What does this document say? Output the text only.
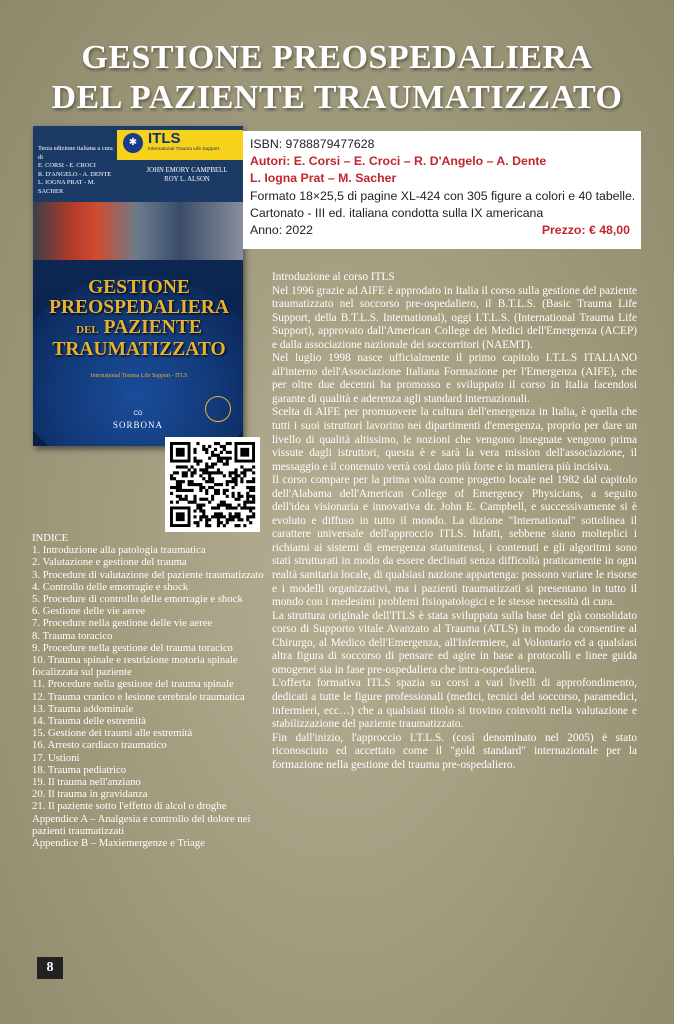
GESTIONE PREOSPEDALIERA
DEL PAZIENTE TRAUMATIZZATO
Terza edizione italiana a cura di
E. CORSI - E. CROCI
R. D'ANGELO - A. DENTE
L. IOGNA PRAT - M. SACHER
✱ ITLS
International Trauma Life Support
JOHN EMORY CAMPBELL
ROY L. ALSON
GESTIONE
PREOSPEDALIERA
DEL PAZIENTE
TRAUMATIZZATO
International Trauma Life Support - ITLS
CG
SORBONA
ISBN: 9788879477628
Autori: E. Corsi – E. Croci – R. D'Angelo – A. Dente
L. Iogna Prat – M. Sacher
Formato 18×25,5 di pagine XL-424 con 305 figure a colori e 40 tabelle.
Cartonato - III ed. italiana condotta sulla IX americana
Anno: 2022	Prezzo: € 48,00
INDICE
1. Introduzione alla patologia traumatica
2. Valutazione e gestione del trauma
3. Procedure di valutazione del paziente traumatizzato
4. Controllo delle emorragie e shock
5. Procedure di controllo delle emorragie e shock
6. Gestione delle vie aeree
7. Procedure nella gestione delle vie aeree
8. Trauma toracico
9. Procedure nella gestione del trauma toracico
10. Trauma spinale e restrizione motoria spinale focalizzata sul paziente
11. Procedure nella gestione del trauma spinale
12. Trauma cranico e lesione cerebrale traumatica
13. Trauma addominale
14. Trauma delle estremità
15. Gestione dei traumi alle estremità
16. Arresto cardiaco traumatico
17. Ustioni
18. Trauma pediatrico
19. Il trauma nell'anziano
20. Il trauma in gravidanza
21. Il paziente sotto l'effetto di alcol o droghe
Appendice A – Analgesia e controllo del dolore nei pazienti traumatizzati
Appendice B – Maxiemergenze e Triage

Introduzione al corso ITLS

Nel 1996 grazie ad AIFE è approdato in Italia il corso sulla gestione del paziente traumatizzato nel soccorso pre-ospedaliero, il B.T.L.S. (Basic Trauma Life Support, della B.T.L.S. International), oggi I.T.L.S. (International Trauma Life Support), approvato dall'American College dei Medici dell'Emergenza (ACEP) e dalla associazione nazionale dei soccorritori (NAEMT).

Nel luglio 1998 nasce ufficialmente il primo capitolo I.T.L.S ITALIANO all'interno dell'Associazione Italiana Formazione per l'Emergenza (AIFE), che per oltre due decenni ha promosso e sviluppato il corso in Italia facendosi garante di qualità e aderenza agli standard internazionali.

Scelta di AIFE per promuovere la cultura dell'emergenza in Italia, è quella che tutti i suoi istruttori lavorino nei dipartimenti d'emergenza, proprio per dare un livello di qualità altissimo, le nozioni che vengono insegnate vengono prima vissute dagli istruttori, questa è e sarà la vera mission dell'associazione, il messaggio e il contenuto verrà così dato più forte e in maniera più incisiva.

Il corso compare per la prima volta come progetto locale nel 1982 dal capitolo dell'Alabama dell'American College of Emergency Physicians, a seguito dell'idea visionaria e innovativa dr. John E. Campbell, e successivamente si è evoluto e diffuso in tutto il mondo. La dizione "International" sottolinea il carattere universale dell'approccio ITLS. Infatti, sebbene siano molteplici i richiami ai sistemi di emergenza statunitensi, i contenuti e gli algoritmi sono stati strutturati in modo da essere declinati senza difficoltà praticamente in ogni realtà sanitaria locale, di qualsiasi nazione appartenga: possono variare le risorse e i modelli organizzativi, ma i pazienti traumatizzati si presentano in tutto il mondo con i medesimi problemi fisiopatologici e le stesse necessità di cura.

La struttura originale dell'ITLS è stata sviluppata sulla base del già consolidato corso di Supporto vitale Avanzato al Trauma (ATLS) in modo da consentire al Chirurgo, al Medico dell'Emergenza, all'Infermiere, al Volontario ed a qualsiasi altra figura di soccorso di pensare ed agire in base a protocolli e linee guida omogenei sia in fase pre-ospedaliera che intra-ospedaliera.

L'offerta formativa ITLS spazia su corsi a vari livelli di approfondimento, dedicati a tutte le figure professionali (medici, tecnici del soccorso, paramedici, infermieri, ecc…) che a qualsiasi titolo si trovino coinvolti nella valutazione e stabilizzazione del paziente traumatizzato.

Fin dall'inizio, l'approccio I.T.L.S. (così denominato nel 2005) è stato riconosciuto ed accettato come il "gold standard" internazionale per la formazione nella gestione del trauma pre-ospedaliero.

8
